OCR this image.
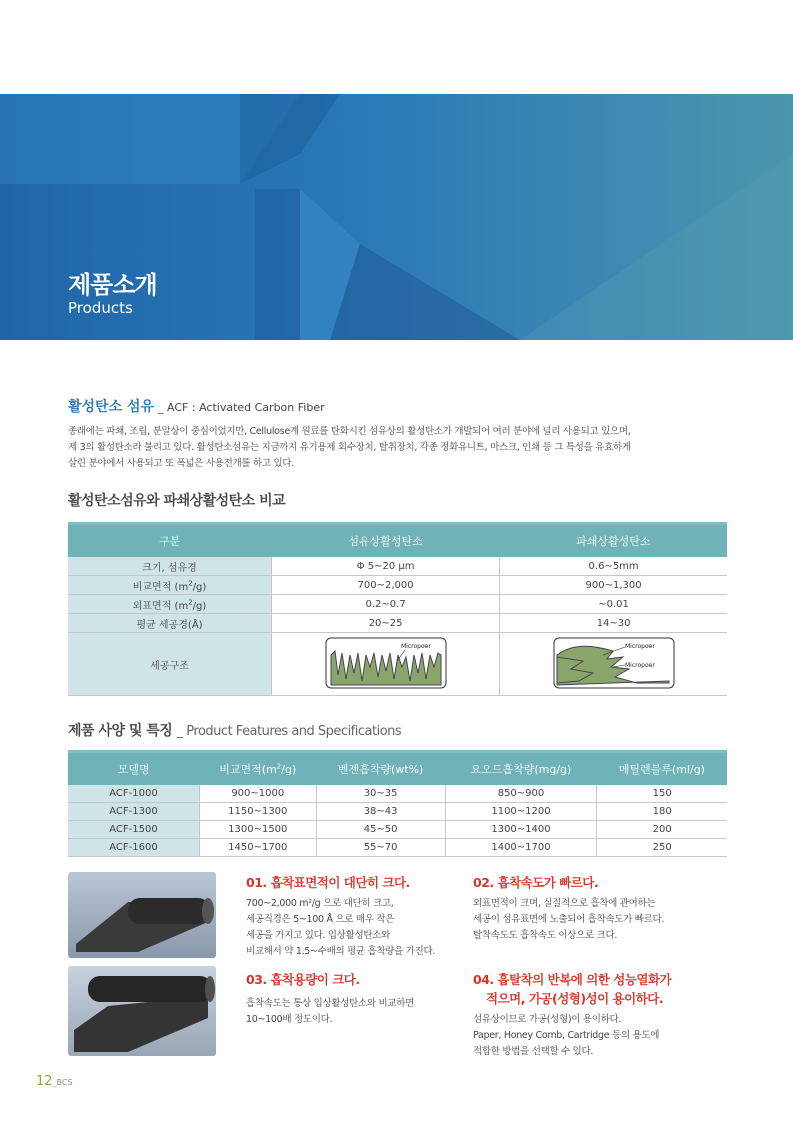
제품소개
Products
활성탄소 섬유 _ ACF : Activated Carbon Fiber
종래에는 파쇄, 조립, 분말상이 중심이었지만, Cellulose계 원료를 탄화시킨 섬유상의 활성탄소가 개발되어 여러 분야에 널리 사용되고 있으며,
제 3의 활성탄소라 불리고 있다. 활성탄소섬유는 지금까지 유기용제 회수장치, 탈취장치, 각종 정화유니트, 마스크, 인쇄 등 그 특성을 유효하게
살린 분야에서 사용되고 또 폭넓은 사용전개를 하고 있다.
활성탄소섬유와 파쇄상활성탄소 비교
구분	섬유상활성탄소	파쇄상활성탄소
크기, 섬유경	Φ 5~20 μm	0.6~5mm
비교면적 $(m^2/g)$	700~2,000	900~1,300
외표면적 $(m^2/g)$	0.2~0.7	~0.01
평균 세공경(Å)	20~25	14~30
세공구조	Micropoer	Micropoer
Micropoer
제품 사양 및 특징 _ Product Features and Specifications
모델명	비교면적$(m^2/g)$	벤젠흡착량(wt%)	요오드흡착량(mg/g)	메틸렌블루(ml/g)
ACF-1000	900~1000	30~35	850~900	150
ACF-1300	1150~1300	38~43	1100~1200	180
ACF-1500	1300~1500	45~50	1300~1400	200
ACF-1600	1450~1700	55~70	1400~1700	250
01. 흡착표면적이 대단히 크다.
700~2,000 m²/g 으로 대단히 크고,
세공직경은 5~100 Å 으로 매우 작은
세공을 가지고 있다. 입상활성탄소와
비교해서 약 1.5~수배의 평균 흡착량을 가진다.
02. 흡착속도가 빠르다.
외표면적이 크며, 실질적으로 흡착에 관여하는
세공이 섬유표면에 노출되어 흡착속도가 빠르다.
탈착속도도 흡착속도 이상으로 크다.
03. 흡착용량이 크다.
흡착속도는 통상 입상활성탄소와 비교하면
10~100배 정도이다.
04. 흡탈착의 반복에 의한 성능열화가
적으며, 가공(성형)성이 용이하다.
섬유상이므로 가공(성형)이 용이하다.
Paper, Honey Comb, Cartridge 등의 용도에
적합한 방법을 선택할 수 있다.
12_BCS
